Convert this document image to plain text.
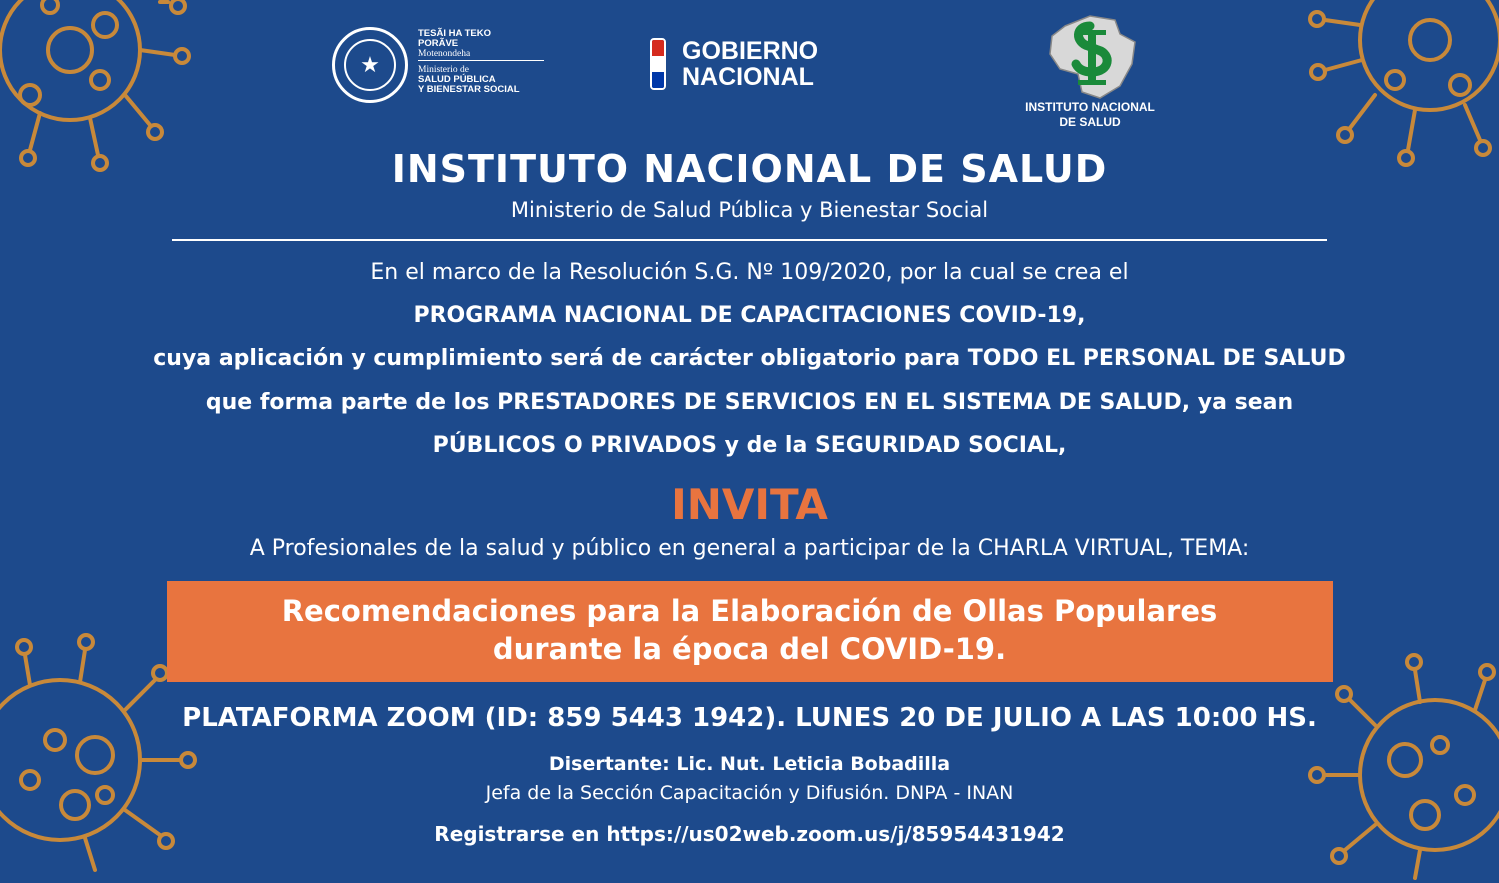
★
TESÃI HA TEKO
PORÃVE
Motenondeha
Ministerio de
SALUD PÚBLICA
Y BIENESTAR SOCIAL
GOBIERNO
NACIONAL
INSTITUTO NACIONAL
DE SALUD
INSTITUTO NACIONAL DE SALUD
Ministerio de Salud Pública y Bienestar Social
En el marco de la Resolución S.G. Nº 109/2020, por la cual se crea el
PROGRAMA NACIONAL DE CAPACITACIONES COVID-19,
cuya aplicación y cumplimiento será de carácter obligatorio para TODO EL PERSONAL DE SALUD
que forma parte de los PRESTADORES DE SERVICIOS EN EL SISTEMA DE SALUD, ya sean
PÚBLICOS O PRIVADOS y de la SEGURIDAD SOCIAL,
INVITA
A Profesionales de la salud y público en general a participar de la CHARLA VIRTUAL, TEMA:
Recomendaciones para la Elaboración de Ollas Populares
durante la época del COVID-19.
PLATAFORMA ZOOM (ID: 859 5443 1942). LUNES 20 DE JULIO A LAS 10:00 HS.
Disertante: Lic. Nut. Leticia Bobadilla
Jefa de la Sección Capacitación y Difusión. DNPA - INAN
Registrarse en https://us02web.zoom.us/j/85954431942
